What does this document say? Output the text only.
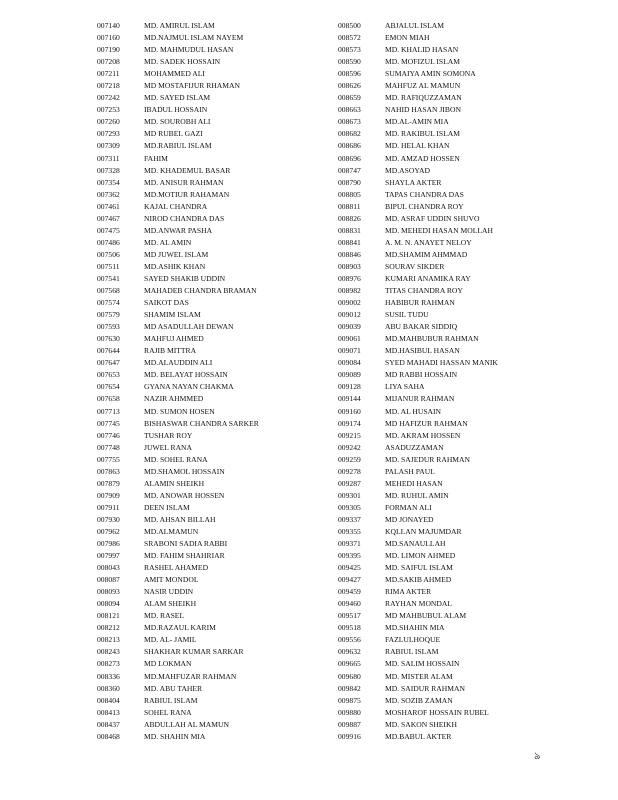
007140	MD. AMIRUL ISLAM
007160	MD.NAJMUL ISLAM NAYEM
007190	MD. MAHMUDUL HASAN
007208	MD. SADEK HOSSAIN
007211	MOHAMMED ALI
007218	MD MOSTAFIJUR RHAMAN
007242	MD. SAYED ISLAM
007253	IBADUL HOSSAIN
007260	MD. SOUROBH ALI
007293	MD RUBEL GAZI
007309	MD.RABIUL ISLAM
007311	FAHIM
007328	MD. KHADEMUL BASAR
007354	MD. ANISUR RAHMAN
007362	MD.MOTIUR RAHAMAN
007461	KAJAL CHANDRA
007467	NIROD CHANDRA DAS
007475	MD.ANWAR PASHA
007486	MD. AL AMIN
007506	MD JUWEL ISLAM
007511	MD.ASHIK KHAN
007541	SAYED SHAKIB UDDIN
007568	MAHADEB CHANDRA BRAMAN
007574	SAIKOT DAS
007579	SHAMIM ISLAM
007593	MD ASADULLAH DEWAN
007630	MAHFUJ AHMED
007644	RAJIB MITTRA
007647	MD.ALAUDDIN ALI
007653	MD. BELAYAT HOSSAIN
007654	GYANA NAYAN CHAKMA
007658	NAZIR AHMMED
007713	MD. SUMON HOSEN
007745	BISHASWAR CHANDRA SARKER
007746	TUSHAR ROY
007748	JUWEL RANA
007755	MD. SOHEL RANA
007863	MD.SHAMOL HOSSAIN
007879	ALAMIN SHEIKH
007909	MD. ANOWAR HOSSEN
007911	DEEN ISLAM
007930	MD. AHSAN BILLAH
007962	MD.ALMAMUN
007986	SRABONI SADIA RABBI
007997	MD. FAHIM SHAHRIAR
008043	RASHEL AHAMED
008087	AMIT MONDOL
008093	NASIR UDDIN
008094	ALAM SHEIKH
008121	MD. RASEL
008212	MD.RAZAUL KARIM
008213	MD. AL- JAMIL
008243	SHAKHAR KUMAR SARKAR
008273	MD LOKMAN
008336	MD.MAHFUZAR RAHMAN
008360	MD. ABU TAHER
008404	RABIUL ISLAM
008413	SOHEL RANA
008437	ABDULLAH AL MAMUN
008468	MD. SHAHIN MIA
008500	ABJALUL ISLAM
008572	EMON MIAH
008573	MD. KHALID HASAN
008590	MD. MOFIZUL ISLAM
008596	SUMAIYA AMIN SOMONA
008626	MAHFUZ AL MAMUN
008659	MD. RAFIQUZZAMAN
008663	NAHID HASAN JIBON
008673	MD.AL-AMIN MIA
008682	MD. RAKIBUL ISLAM
008686	MD. HELAL KHAN
008696	MD. AMZAD HOSSEN
008747	MD.ASOYAD
008790	SHAYLA AKTER
008805	TAPAS CHANDRA DAS
008811	BIPUL CHANDRA ROY
008826	MD. ASRAF UDDIN SHUVO
008831	MD. MEHEDI HASAN MOLLAH
008841	A. M. N. ANAYET NELOY
008846	MD.SHAMIM AHMMAD
008903	SOURAV SIKDER
008976	KUMARI ANAMIKA RAY
008982	TITAS CHANDRA ROY
009002	HABIBUR RAHMAN
009012	SUSIL TUDU
009039	ABU BAKAR SIDDIQ
009061	MD.MAHBUBUR RAHMAN
009071	MD.HASIBUL HASAN
009084	SYED MAHADI HASSAN MANIK
009089	MD RABBI HOSSAIN
009128	LIYA SAHA
009144	MIJANUR RAHMAN
009160	MD. AL HUSAIN
009174	MD HAFIZUR RAHMAN
009215	MD. AKRAM HOSSEN
009242	ASADUZZAMAN
009259	MD. SAJEDUR RAHMAN
009278	PALASH PAUL
009287	MEHEDI HASAN
009301	MD. RUHUL AMIN
009305	FORMAN ALI
009337	MD JONAYED
009355	KQLLAN MAJUMDAR
009371	MD.SANAULLAH
009395	MD. LIMON AHMED
009425	MD. SAIFUL ISLAM
009427	MD.SAKIB AHMED
009459	RIMA AKTER
009460	RAYHAN MONDAL
009517	MD MAHBUBUL ALAM
009518	MD.SHAHIN MIA
009556	FAZLULHOQUE
009632	RABIUL ISLAM
009665	MD. SALIM HOSSAIN
009680	MD. MISTER ALAM
009842	MD. SAIDUR RAHMAN
009875	MD. SOZIB ZAMAN
009880	MOSHAROF HOSSAIN RUBEL
009887	MD. SAKON SHEIKH
009916	MD.BABUL AKTER
৯
